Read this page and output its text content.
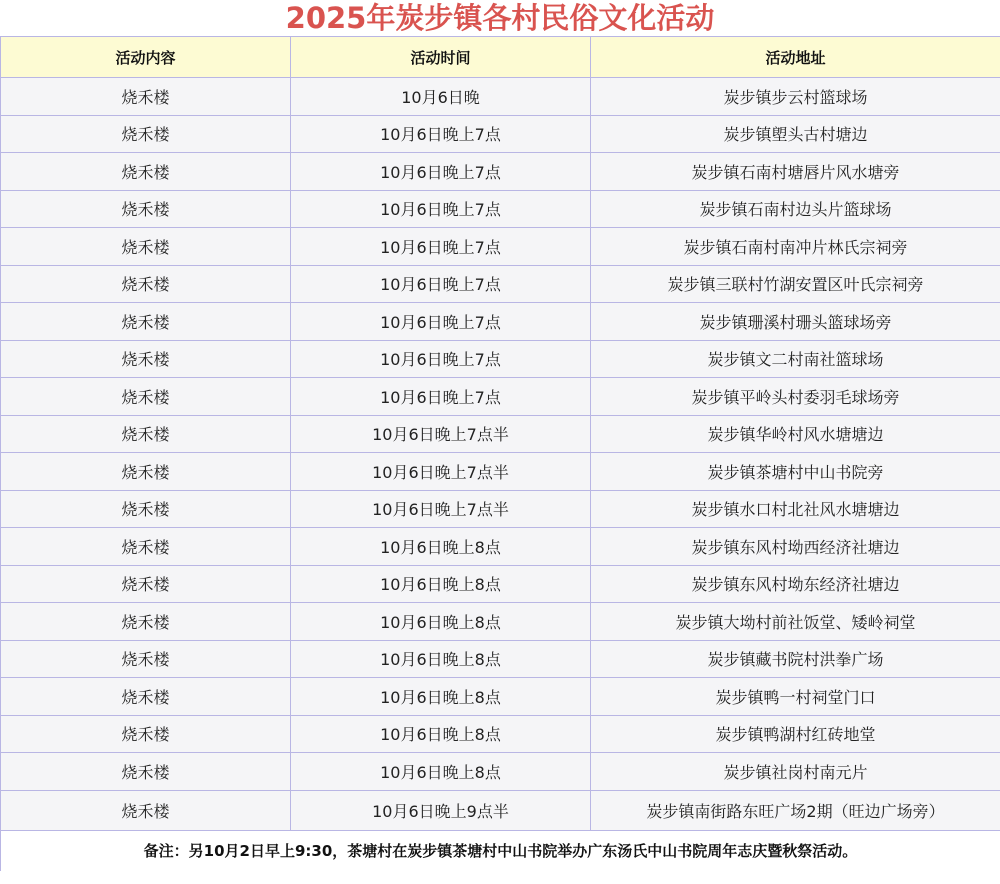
2025年炭步镇各村民俗文化活动
活动内容	活动时间	活动地址
烧禾楼	10月6日晚	炭步镇步云村篮球场
烧禾楼	10月6日晚上7点	炭步镇塱头古村塘边
烧禾楼	10月6日晚上7点	炭步镇石南村塘唇片风水塘旁
烧禾楼	10月6日晚上7点	炭步镇石南村边头片篮球场
烧禾楼	10月6日晚上7点	炭步镇石南村南冲片林氏宗祠旁
烧禾楼	10月6日晚上7点	炭步镇三联村竹湖安置区叶氏宗祠旁
烧禾楼	10月6日晚上7点	炭步镇珊溪村珊头篮球场旁
烧禾楼	10月6日晚上7点	炭步镇文二村南社篮球场
烧禾楼	10月6日晚上7点	炭步镇平岭头村委羽毛球场旁
烧禾楼	10月6日晚上7点半	炭步镇华岭村风水塘塘边
烧禾楼	10月6日晚上7点半	炭步镇茶塘村中山书院旁
烧禾楼	10月6日晚上7点半	炭步镇水口村北社风水塘塘边
烧禾楼	10月6日晚上8点	炭步镇东风村坳西经济社塘边
烧禾楼	10月6日晚上8点	炭步镇东风村坳东经济社塘边
烧禾楼	10月6日晚上8点	炭步镇大坳村前社饭堂、矮岭祠堂
烧禾楼	10月6日晚上8点	炭步镇藏书院村洪拳广场
烧禾楼	10月6日晚上8点	炭步镇鸭一村祠堂门口
烧禾楼	10月6日晚上8点	炭步镇鸭湖村红砖地堂
烧禾楼	10月6日晚上8点	炭步镇社岗村南元片
烧禾楼	10月6日晚上9点半	炭步镇南街路东旺广场2期（旺边广场旁）
备注：另10月2日早上9:30，茶塘村在炭步镇茶塘村中山书院举办广东汤氏中山书院周年志庆暨秋祭活动。		
